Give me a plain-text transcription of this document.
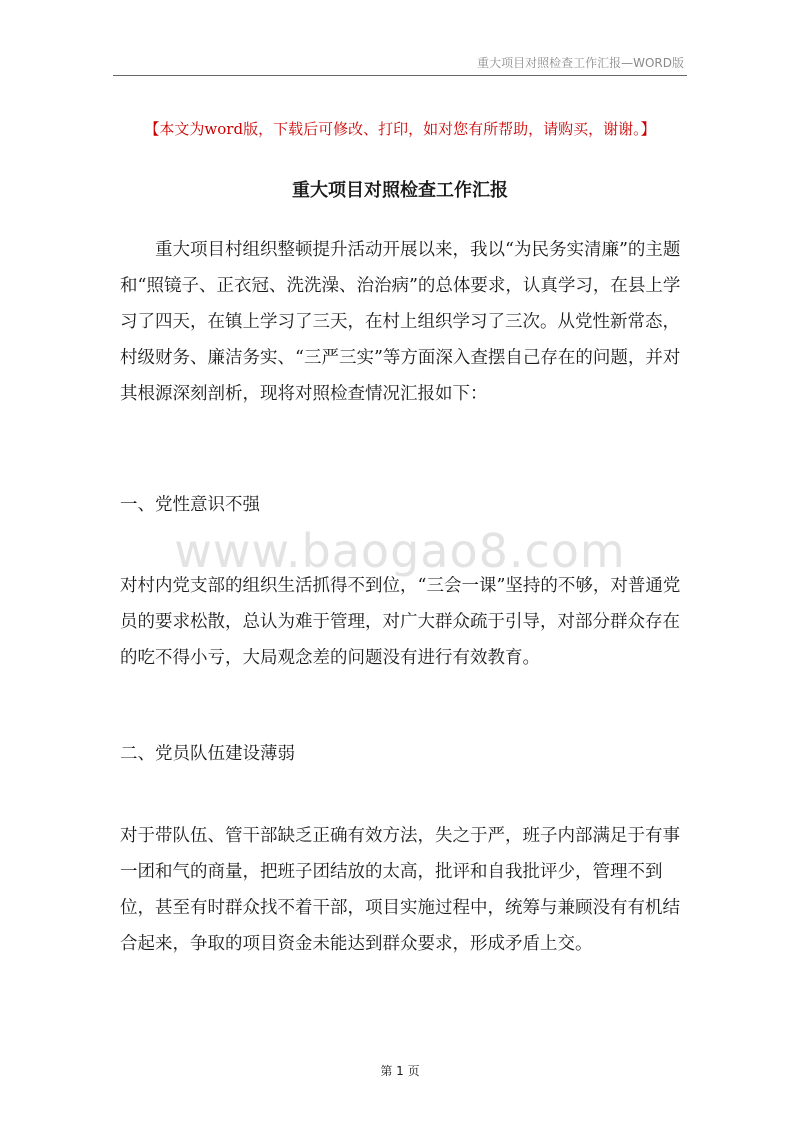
重大项目对照检查工作汇报—WORD版
【本文为word版，下载后可修改、打印，如对您有所帮助，请购买，谢谢。】
重大项目对照检查工作汇报

重大项目村组织整顿提升活动开展以来，我以“为民务实清廉”的主题和“照镜子、正衣冠、洗洗澡、治治病”的总体要求，认真学习，在县上学习了四天，在镇上学习了三天，在村上组织学习了三次。从党性新常态，村级财务、廉洁务实、“三严三实”等方面深入查摆自己存在的问题，并对其根源深刻剖析，现将对照检查情况汇报如下：

一、党性意识不强

www.baogao8.com

对村内党支部的组织生活抓得不到位，“三会一课”坚持的不够，对普通党员的要求松散，总认为难于管理，对广大群众疏于引导，对部分群众存在的吃不得小亏，大局观念差的问题没有进行有效教育。

二、党员队伍建设薄弱

对于带队伍、管干部缺乏正确有效方法，失之于严，班子内部满足于有事一团和气的商量，把班子团结放的太高，批评和自我批评少，管理不到位，甚至有时群众找不着干部，项目实施过程中，统筹与兼顾没有有机结合起来，争取的项目资金未能达到群众要求，形成矛盾上交。

第 1 页
